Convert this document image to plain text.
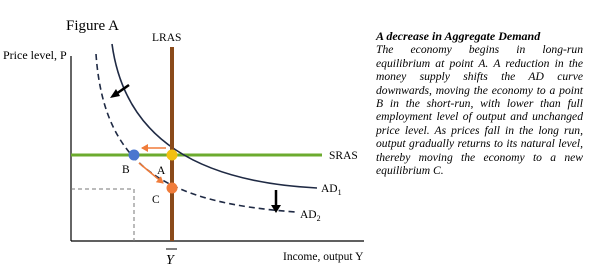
Figure A
Price level, P
Income, output Y
SRAS
$AD_1$
$AD_2$
LRAS
Y
A
B
C

A decrease in Aggregate Demand

The economy begins in long-run equilibrium at point A. A reduction in the money supply shifts the AD curve downwards, moving the economy to a point B in the short-run, with lower than full employment level of output and unchanged price level. As prices fall in the long run, output gradually returns to its natural level, thereby moving the economy to a new equilibrium C.
